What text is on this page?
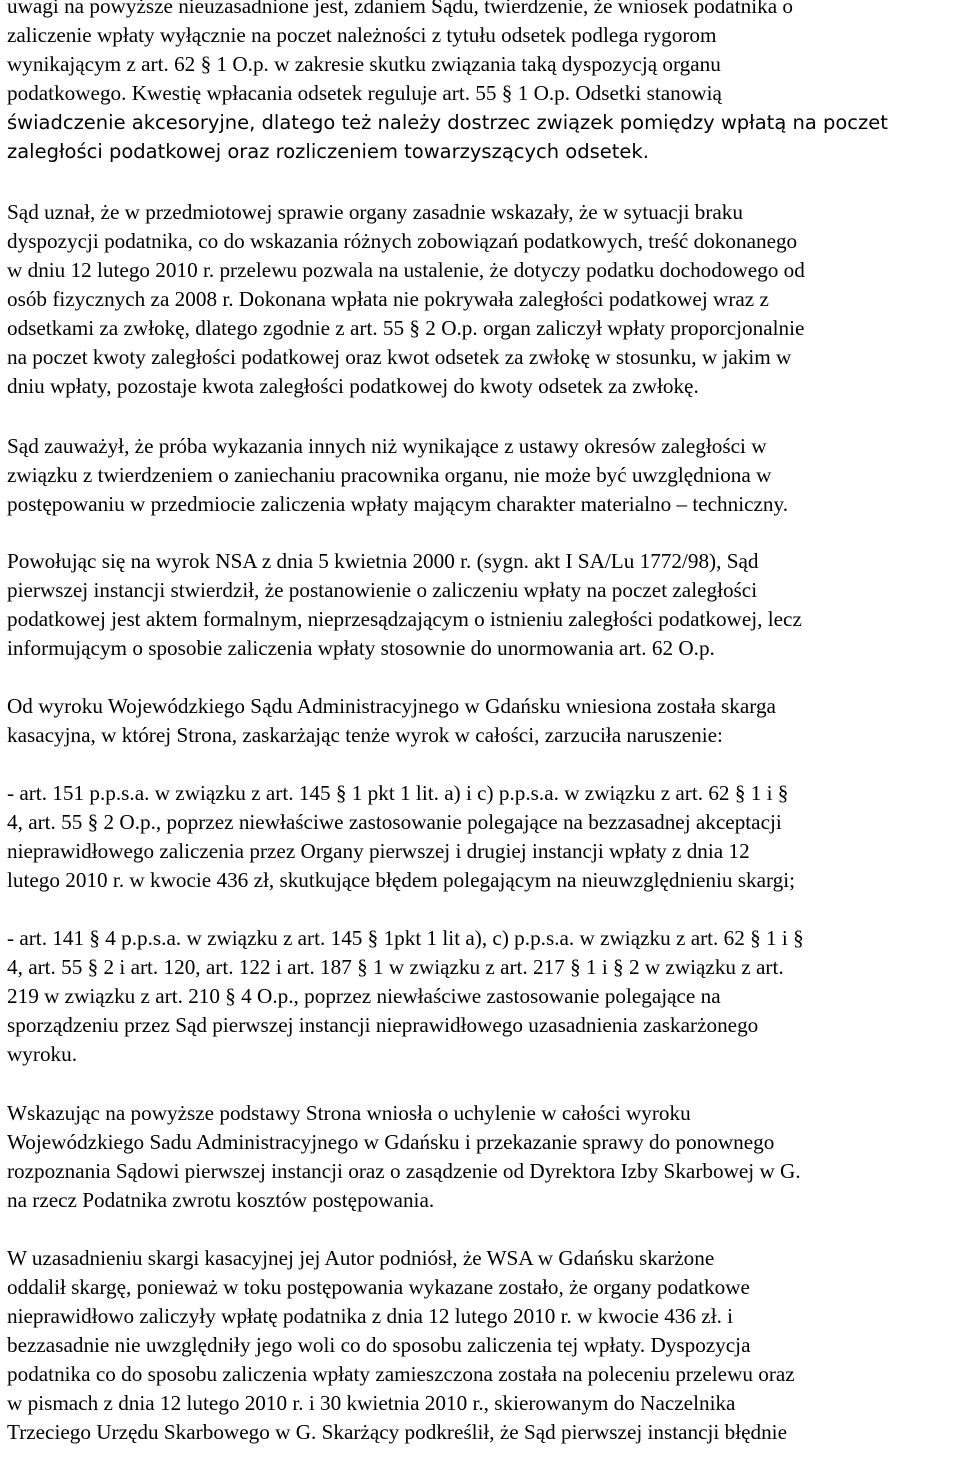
uwagi na powyższe nieuzasadnione jest, zdaniem Sądu, twierdzenie, że wniosek podatnika o
zaliczenie wpłaty wyłącznie na poczet należności z tytułu odsetek podlega rygorom
wynikającym z art. 62 § 1 O.p. w zakresie skutku związania taką dyspozycją organu
podatkowego. Kwestię wpłacania odsetek reguluje art. 55 § 1 O.p. Odsetki stanowią
świadczenie akcesoryjne, dlatego też należy dostrzec związek pomiędzy wpłatą na poczet
zaległości podatkowej oraz rozliczeniem towarzyszących odsetek.
Sąd uznał, że w przedmiotowej sprawie organy zasadnie wskazały, że w sytuacji braku
dyspozycji podatnika, co do wskazania różnych zobowiązań podatkowych, treść dokonanego
w dniu 12 lutego 2010 r. przelewu pozwala na ustalenie, że dotyczy podatku dochodowego od
osób fizycznych za 2008 r. Dokonana wpłata nie pokrywała zaległości podatkowej wraz z
odsetkami za zwłokę, dlatego zgodnie z art. 55 § 2 O.p. organ zaliczył wpłaty proporcjonalnie
na poczet kwoty zaległości podatkowej oraz kwot odsetek za zwłokę w stosunku, w jakim w
dniu wpłaty, pozostaje kwota zaległości podatkowej do kwoty odsetek za zwłokę.
Sąd zauważył, że próba wykazania innych niż wynikające z ustawy okresów zaległości w
związku z twierdzeniem o zaniechaniu pracownika organu, nie może być uwzględniona w
postępowaniu w przedmiocie zaliczenia wpłaty mającym charakter materialno – techniczny.
Powołując się na wyrok NSA z dnia 5 kwietnia 2000 r. (sygn. akt I SA/Lu 1772/98), Sąd
pierwszej instancji stwierdził, że postanowienie o zaliczeniu wpłaty na poczet zaległości
podatkowej jest aktem formalnym, nieprzesądzającym o istnieniu zaległości podatkowej, lecz
informującym o sposobie zaliczenia wpłaty stosownie do unormowania art. 62 O.p.
Od wyroku Wojewódzkiego Sądu Administracyjnego w Gdańsku wniesiona została skarga
kasacyjna, w której Strona, zaskarżając tenże wyrok w całości, zarzuciła naruszenie:
- art. 151 p.p.s.a. w związku z art. 145 § 1 pkt 1 lit. a) i c) p.p.s.a. w związku z art. 62 § 1 i §
4, art. 55 § 2 O.p., poprzez niewłaściwe zastosowanie polegające na bezzasadnej akceptacji
nieprawidłowego zaliczenia przez Organy pierwszej i drugiej instancji wpłaty z dnia 12
lutego 2010 r. w kwocie 436 zł, skutkujące błędem polegającym na nieuwzględnieniu skargi;
- art. 141 § 4 p.p.s.a. w związku z art. 145 § 1pkt 1 lit a), c) p.p.s.a. w związku z art. 62 § 1 i §
4, art. 55 § 2 i art. 120, art. 122 i art. 187 § 1 w związku z art. 217 § 1 i § 2 w związku z art.
219 w związku z art. 210 § 4 O.p., poprzez niewłaściwe zastosowanie polegające na
sporządzeniu przez Sąd pierwszej instancji nieprawidłowego uzasadnienia zaskarżonego
wyroku.
Wskazując na powyższe podstawy Strona wniosła o uchylenie w całości wyroku
Wojewódzkiego Sadu Administracyjnego w Gdańsku i przekazanie sprawy do ponownego
rozpoznania Sądowi pierwszej instancji oraz o zasądzenie od Dyrektora Izby Skarbowej w G.
na rzecz Podatnika zwrotu kosztów postępowania.
W uzasadnieniu skargi kasacyjnej jej Autor podniósł, że WSA w Gdańsku skarżone
oddalił skargę, ponieważ w toku postępowania wykazane zostało, że organy podatkowe
nieprawidłowo zaliczyły wpłatę podatnika z dnia 12 lutego 2010 r. w kwocie 436 zł. i
bezzasadnie nie uwzględniły jego woli co do sposobu zaliczenia tej wpłaty. Dyspozycja
podatnika co do sposobu zaliczenia wpłaty zamieszczona została na poleceniu przelewu oraz
w pismach z dnia 12 lutego 2010 r. i 30 kwietnia 2010 r., skierowanym do Naczelnika
Trzeciego Urzędu Skarbowego w G. Skarżący podkreślił, że Sąd pierwszej instancji błędnie
